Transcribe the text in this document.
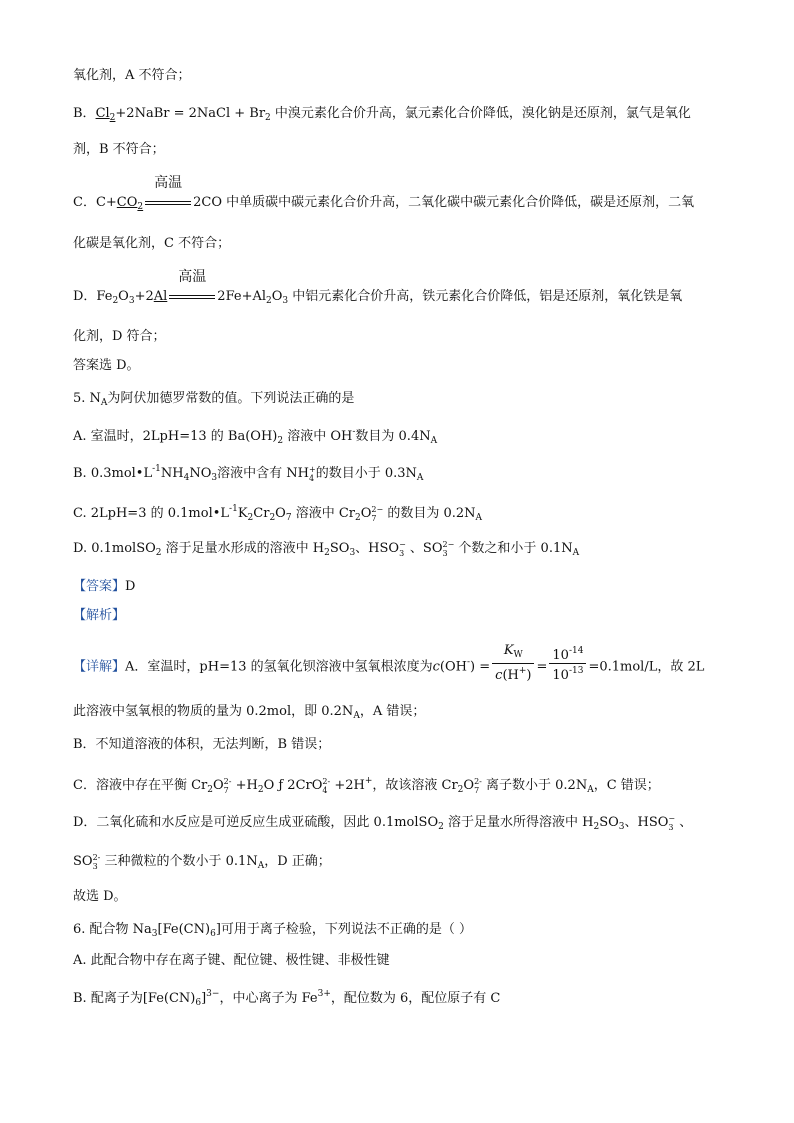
氧化剂，A 不符合；
B．$Cl_2+2NaBr$ = 2NaCl + $Br_2$ 中溴元素化合价升高，氯元素化合价降低，溴化钠是还原剂，氯气是氧化
剂，B 不符合；
C．$C+CO_2$
高温
2CO 中单质碳中碳元素化合价升高，二氧化碳中碳元素化合价降低，碳是还原剂，二氧
化碳是氧化剂，C 不符合；
D．$Fe_2O_3+2Al$
高温
$2Fe+Al_2O_3$ 中铝元素化合价升高，铁元素化合价降低，铝是还原剂，氧化铁是氧
化剂，D 符合；
答案选 D。
5. $N_A$为阿伏加德罗常数的值。下列说法正确的是
A. 室温时，2LpH=13 的 $Ba(OH)_2$ 溶液中 OH-数目为 $0.4N_A$
B. $0.3mol•L^{-1}NH_4NO_3$溶液中含有 NH +
4 的数目小于 $0.3N_A$
C. 2LpH=3 的 $0.1mol•L^{-1}K_2Cr_2O_7$ 溶液中 $Cr_2O$ 2−
7 的数目为 $0.2N_A$
D. 0.1molSO$_2$ 溶于足量水形成的溶液中 $H_2SO_3$、HSO −
3 、SO 2−
3 个数之和小于 $0.1N_A$
【答案】D
【解析】
【详解】A．室温时，pH=13 的氢氧化钡溶液中氢氧根浓度为$c(OH^-) = \frac{K_W}{c(H^+)} = \frac{10^{-14}}{10^{-13}} =0.1mol/L$，故 2L
此溶液中氢氧根的物质的量为 0.2mol，即 $0.2N_A$，A 错误；
B．不知道溶液的体积，无法判断，B 错误；
C．溶液中存在平衡 $Cr_2O$ 2-
$7 +H_2O$ ƒ 2CrO 2-
4 +2H+，故该溶液 $Cr_2O$ 2-
7 离子数小于 $0.2N_A$，C 错误；
D．二氧化硫和水反应是可逆反应生成亚硫酸，因此 0.1molSO$_2$ 溶于足量水所得溶液中 $H_2SO_3$、HSO −
3 、
SO 2-
3 三种微粒的个数小于 $0.1N_A$，D 正确；
故选 D。
6. 配合物 $Na_3[Fe(CN)_6]$可用于离子检验，下列说法不正确的是（ ）
A. 此配合物中存在离子键、配位键、极性键、非极性键
B. 配离子为$[Fe(CN)_6]^{3-}$，中心离子为 $Fe^{3+}$，配位数为 6，配位原子有 C
